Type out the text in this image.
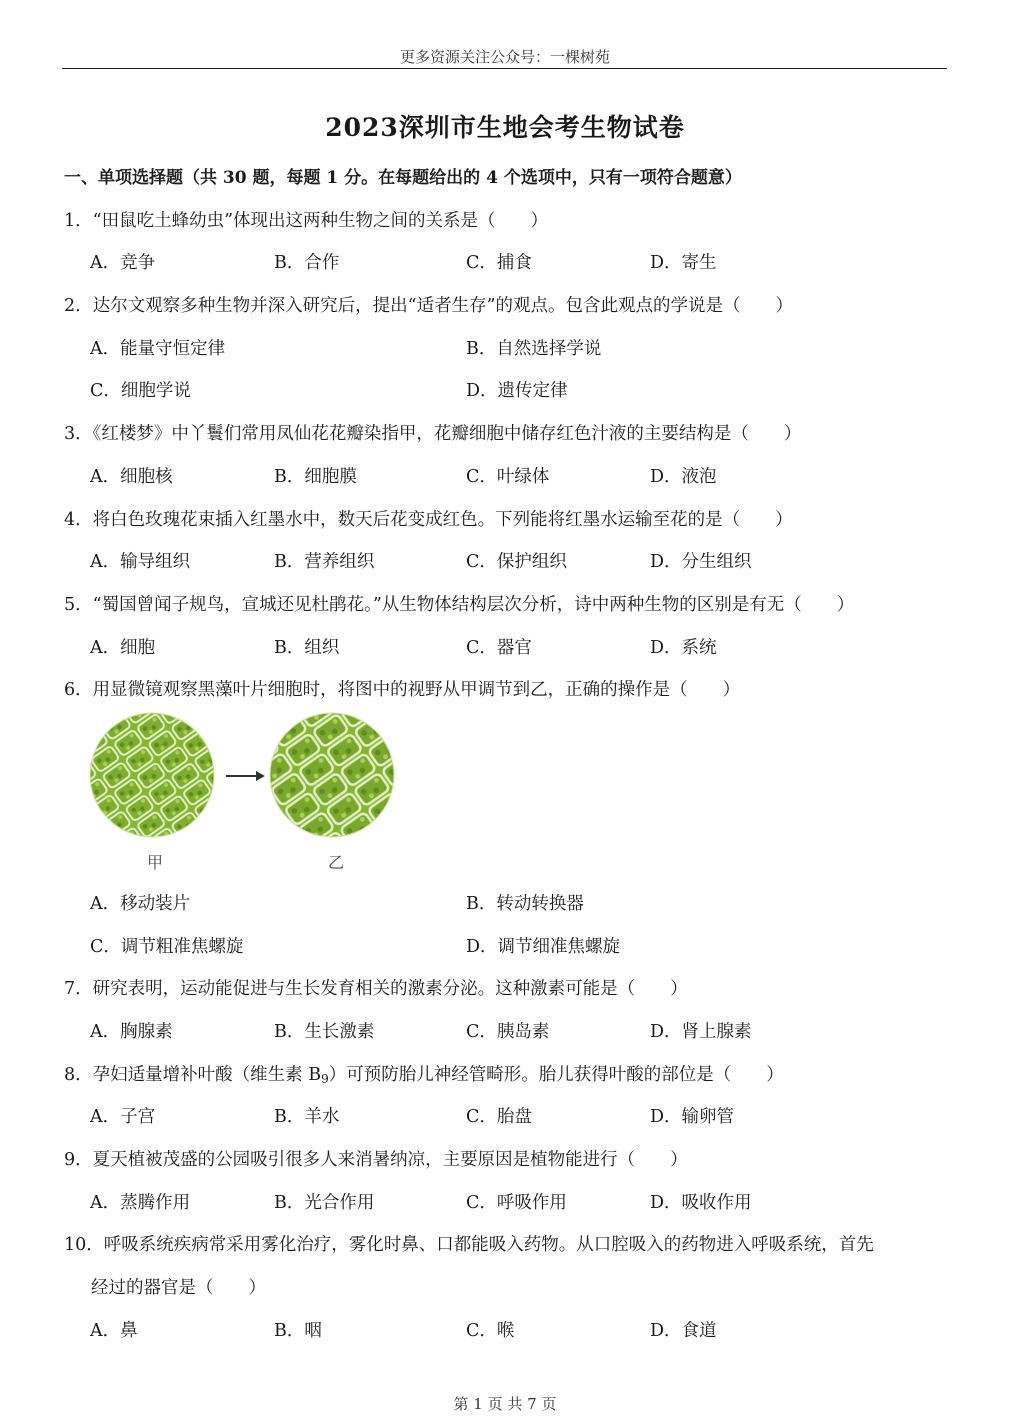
更多资源关注公众号：一棵树苑
2023深圳市生地会考生物试卷
一、单项选择题（共 30 题，每题 1 分。在每题给出的 4 个选项中，只有一项符合题意）
1．“田鼠吃土蜂幼虫”体现出这两种生物之间的关系是（　　）
A．竞争	B．合作	C．捕食	D．寄生
2．达尔文观察多种生物并深入研究后，提出“适者生存”的观点。包含此观点的学说是（　　）
A．能量守恒定律	B．自然选择学说
C．细胞学说	D．遗传定律
3．《红楼梦》中丫鬟们常用凤仙花花瓣染指甲，花瓣细胞中储存红色汁液的主要结构是（　　）
A．细胞核	B．细胞膜	C．叶绿体	D．液泡
4．将白色玫瑰花束插入红墨水中，数天后花变成红色。下列能将红墨水运输至花的是（　　）
A．输导组织	B．营养组织	C．保护组织	D．分生组织
5．“蜀国曾闻子规鸟，宣城还见杜鹃花。”从生物体结构层次分析，诗中两种生物的区别是有无（　　）
A．细胞	B．组织	C．器官	D．系统
6．用显微镜观察黑藻叶片细胞时，将图中的视野从甲调节到乙，正确的操作是（　　）
甲	乙
A．移动装片	B．转动转换器
C．调节粗准焦螺旋	D．调节细准焦螺旋
7．研究表明，运动能促进与生长发育相关的激素分泌。这种激素可能是（　　）
A．胸腺素	B．生长激素	C．胰岛素	D．肾上腺素
8．孕妇适量增补叶酸（维生素 $B_9$）可预防胎儿神经管畸形。胎儿获得叶酸的部位是（　　）
A．子宫	B．羊水	C．胎盘	D．输卵管
9．夏天植被茂盛的公园吸引很多人来消暑纳凉，主要原因是植物能进行（　　）
A．蒸腾作用	B．光合作用	C．呼吸作用	D．吸收作用
10．呼吸系统疾病常采用雾化治疗，雾化时鼻、口都能吸入药物。从口腔吸入的药物进入呼吸系统，首先
经过的器官是（　　）
A．鼻	B．咽	C．喉	D．食道
第 1 页 共 7 页
